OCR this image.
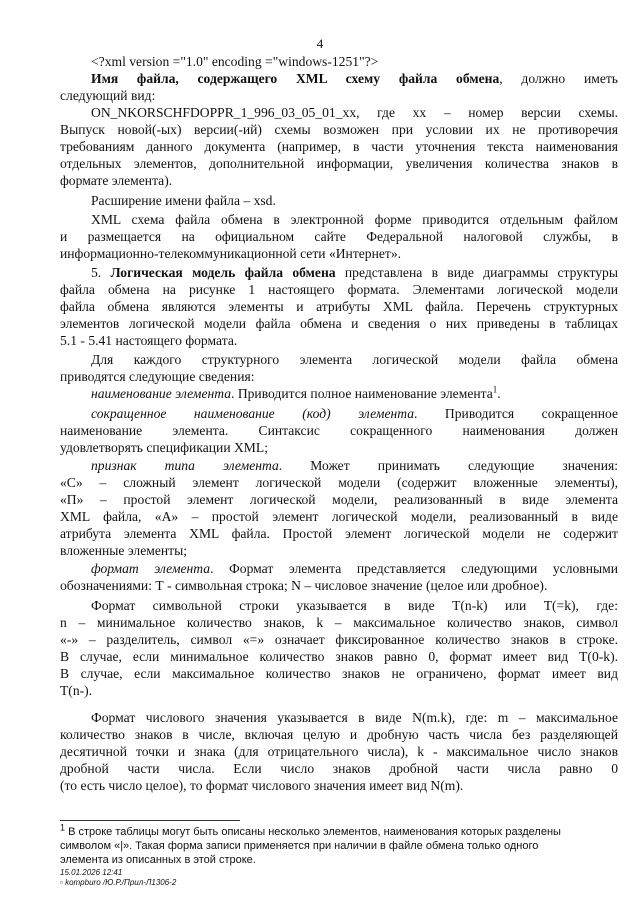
4
<?xml version ="1.0" encoding ="windows-1251"?>
Имя файла, содержащего XML схему файла обмена, должно иметь
следующий вид:
ON_NKORSCHFDOPPR_1_996_03_05_01_xx, где xx – номер версии схемы.
Выпуск новой(-ых) версии(-ий) схемы возможен при условии их не противоречия
требованиям данного документа (например, в части уточнения текста наименования
отдельных элементов, дополнительной информации, увеличения количества знаков в
формате элемента).
Расширение имени файла – xsd.
XML схема файла обмена в электронной форме приводится отдельным файлом
и размещается на официальном сайте Федеральной налоговой службы, в
информационно-телекоммуникационной сети «Интернет».
5. Логическая модель файла обмена представлена в виде диаграммы структуры
файла обмена на рисунке 1 настоящего формата. Элементами логической модели
файла обмена являются элементы и атрибуты XML файла. Перечень структурных
элементов логической модели файла обмена и сведения о них приведены в таблицах
5.1 - 5.41 настоящего формата.
Для каждого структурного элемента логической модели файла обмена
приводятся следующие сведения:
наименование элемента. Приводится полное наименование элемента$^1$.
сокращенное наименование (код) элемента. Приводится сокращенное
наименование элемента. Синтаксис сокращенного наименования должен
удовлетворять спецификации XML;
признак типа элемента. Может принимать следующие значения:
«С» – сложный элемент логической модели (содержит вложенные элементы),
«П» – простой элемент логической модели, реализованный в виде элемента
XML файла, «А» – простой элемент логической модели, реализованный в виде
атрибута элемента XML файла. Простой элемент логической модели не содержит
вложенные элементы;
формат элемента. Формат элемента представляется следующими условными
обозначениями: Т - символьная строка; N – числовое значение (целое или дробное).
Формат символьной строки указывается в виде Т(n-k) или Т(=k), где:
n – минимальное количество знаков, k – максимальное количество знаков, символ
«-» – разделитель, символ «=» означает фиксированное количество знаков в строке.
В случае, если минимальное количество знаков равно 0, формат имеет вид Т(0-k).
В случае, если максимальное количество знаков не ограничено, формат имеет вид
Т(n-).
Формат числового значения указывается в виде N(m.k), где: m – максимальное
количество знаков в числе, включая целую и дробную часть числа без разделяющей
десятичной точки и знака (для отрицательного числа), k - максимальное число знаков
дробной части числа. Если число знаков дробной части числа равно 0
(то есть число целое), то формат числового значения имеет вид N(m).
$^1$ В строке таблицы могут быть описаны несколько элементов, наименования которых разделены
символом «|». Такая форма записи применяется при наличии в файле обмена только одного
элемента из описанных в этой строке.
15.01.2026 12:41
▫ kompburo /Ю.Р./Прил-Л1306-2
